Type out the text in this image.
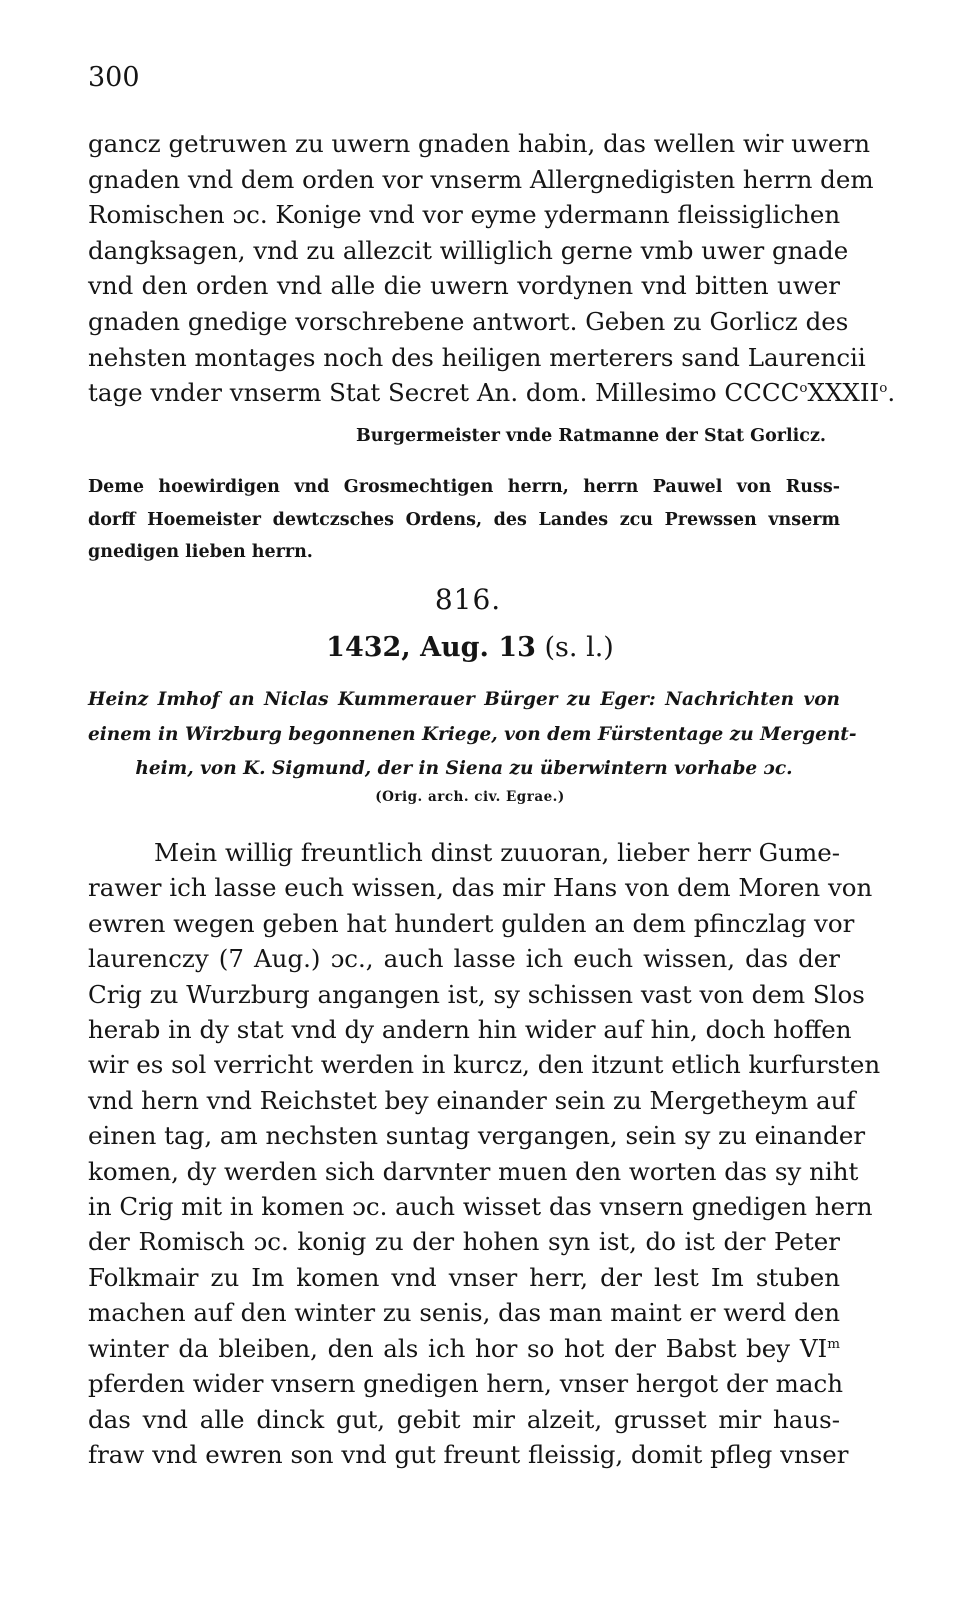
300
gancz getruwen zu uwern gnaden habin, das wellen wir uwern
gnaden vnd dem orden vor vnserm Allergnedigisten herrn dem
Romischen ɔc. Konige vnd vor eyme ydermann fleissiglichen
dangksagen, vnd zu allezcit williglich gerne vmb uwer gnade
vnd den orden vnd alle die uwern vordynen vnd bitten uwer
gnaden gnedige vorschrebene antwort. Geben zu Gorlicz des
nehsten montages noch des heiligen merterers sand Laurencii
tage vnder vnserm Stat Secret An. dom. Millesimo CCCC$^o$XXXII$^o$.
Burgermeister vnde Ratmanne der Stat Gorlicz.
Deme hoewirdigen vnd Grosmechtigen herrn, herrn Pauwel von Russ-
dorff Hoemeister dewtczsches Ordens, des Landes zcu Prewssen vnserm
gnedigen lieben herrn.
816.
1432, Aug. 13 (s. l.)
Heinz Imhof an Niclas Kummerauer Bürger zu Eger: Nachrichten von
einem in Wirzburg begonnenen Kriege, von dem Fürstentage zu Mergent-
heim, von K. Sigmund, der in Siena zu überwintern vorhabe ɔc.
(Orig. arch. civ. Egrae.)
Mein willig freuntlich dinst zuuoran, lieber herr Gume-
rawer ich lasse euch wissen, das mir Hans von dem Moren von
ewren wegen geben hat hundert gulden an dem pfinczlag vor
laurenczy (7 Aug.) ɔc., auch lasse ich euch wissen, das der
Crig zu Wurzburg angangen ist, sy schissen vast von dem Slos
herab in dy stat vnd dy andern hin wider auf hin, doch hoffen
wir es sol verricht werden in kurcz, den itzunt etlich kurfursten
vnd hern vnd Reichstet bey einander sein zu Mergetheym auf
einen tag, am nechsten suntag vergangen, sein sy zu einander
komen, dy werden sich darvnter muen den worten das sy niht
in Crig mit in komen ɔc. auch wisset das vnsern gnedigen hern
der Romisch ɔc. konig zu der hohen syn ist, do ist der Peter
Folkmair zu Im komen vnd vnser herr, der lest Im stuben
machen auf den winter zu senis, das man maint er werd den
winter da bleiben, den als ich hor so hot der Babst bey $VI^m$
pferden wider vnsern gnedigen hern, vnser hergot der mach
das vnd alle dinck gut, gebit mir alzeit, grusset mir haus-
fraw vnd ewren son vnd gut freunt fleissig, domit pfleg vnser
